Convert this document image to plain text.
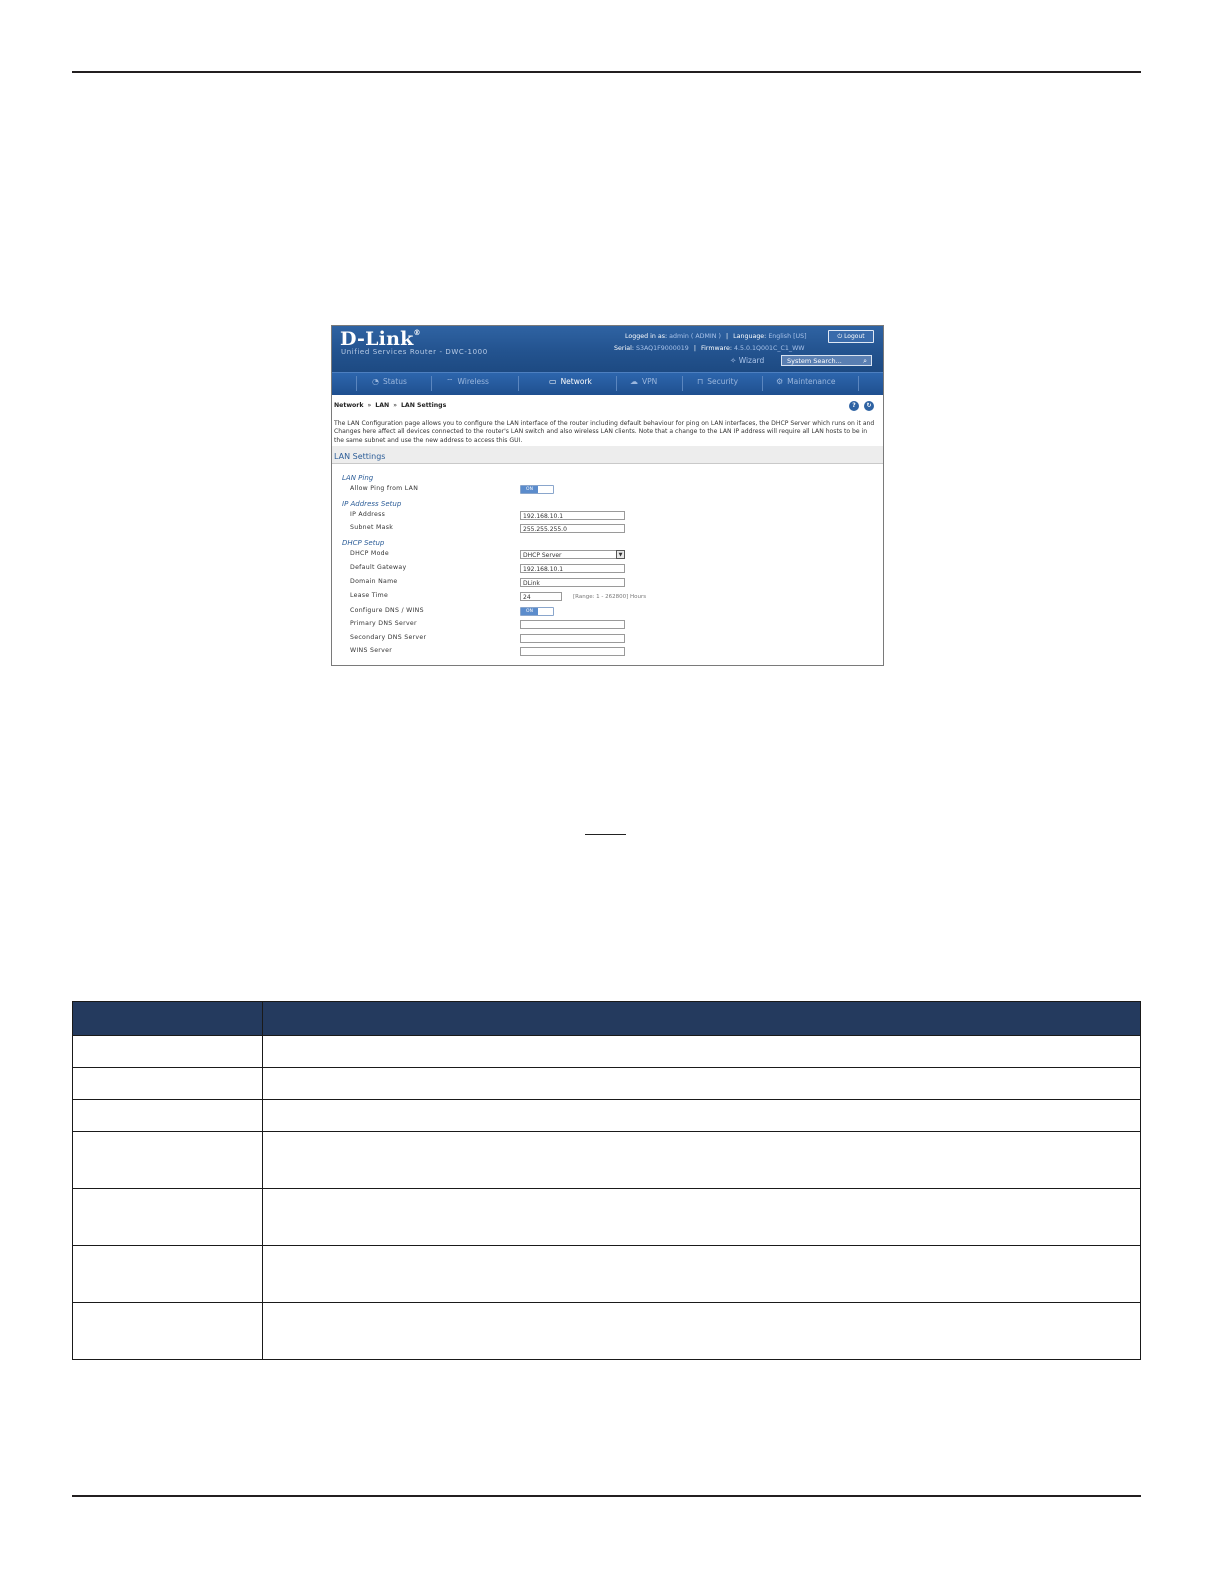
D-Link®
Unified Services Router - DWC-1000
Logged in as: admin ( ADMIN ) | Language: English [US]	⏻ Logout
Serial: S3AQ1F9000019 | Firmware: 4.5.0.1Q001C_C1_WW
✧ Wizard	System Search...	⌕
◔ Status	⌔ Wireless	▭ Network	☁ VPN	⊓ Security	⚙ Maintenance
Network » LAN » LAN Settings	?	↻
The LAN Configuration page allows you to configure the LAN interface of the router including default behaviour for ping on LAN interfaces, the DHCP Server which runs on it and Changes here affect all devices connected to the router's LAN switch and also wireless LAN clients. Note that a change to the LAN IP address will require all LAN hosts to be in the same subnet and use the new address to access this GUI.
LAN Settings
LAN Ping
Allow Ping from LAN	ON
IP Address Setup
IP Address	192.168.10.1
Subnet Mask	255.255.255.0
DHCP Setup
DHCP Mode	DHCP Server	▼
Default Gateway	192.168.10.1
Domain Name	DLink
Lease Time	24	[Range: 1 - 262800] Hours
Configure DNS / WINS	ON
Primary DNS Server
Secondary DNS Server
WINS Server
